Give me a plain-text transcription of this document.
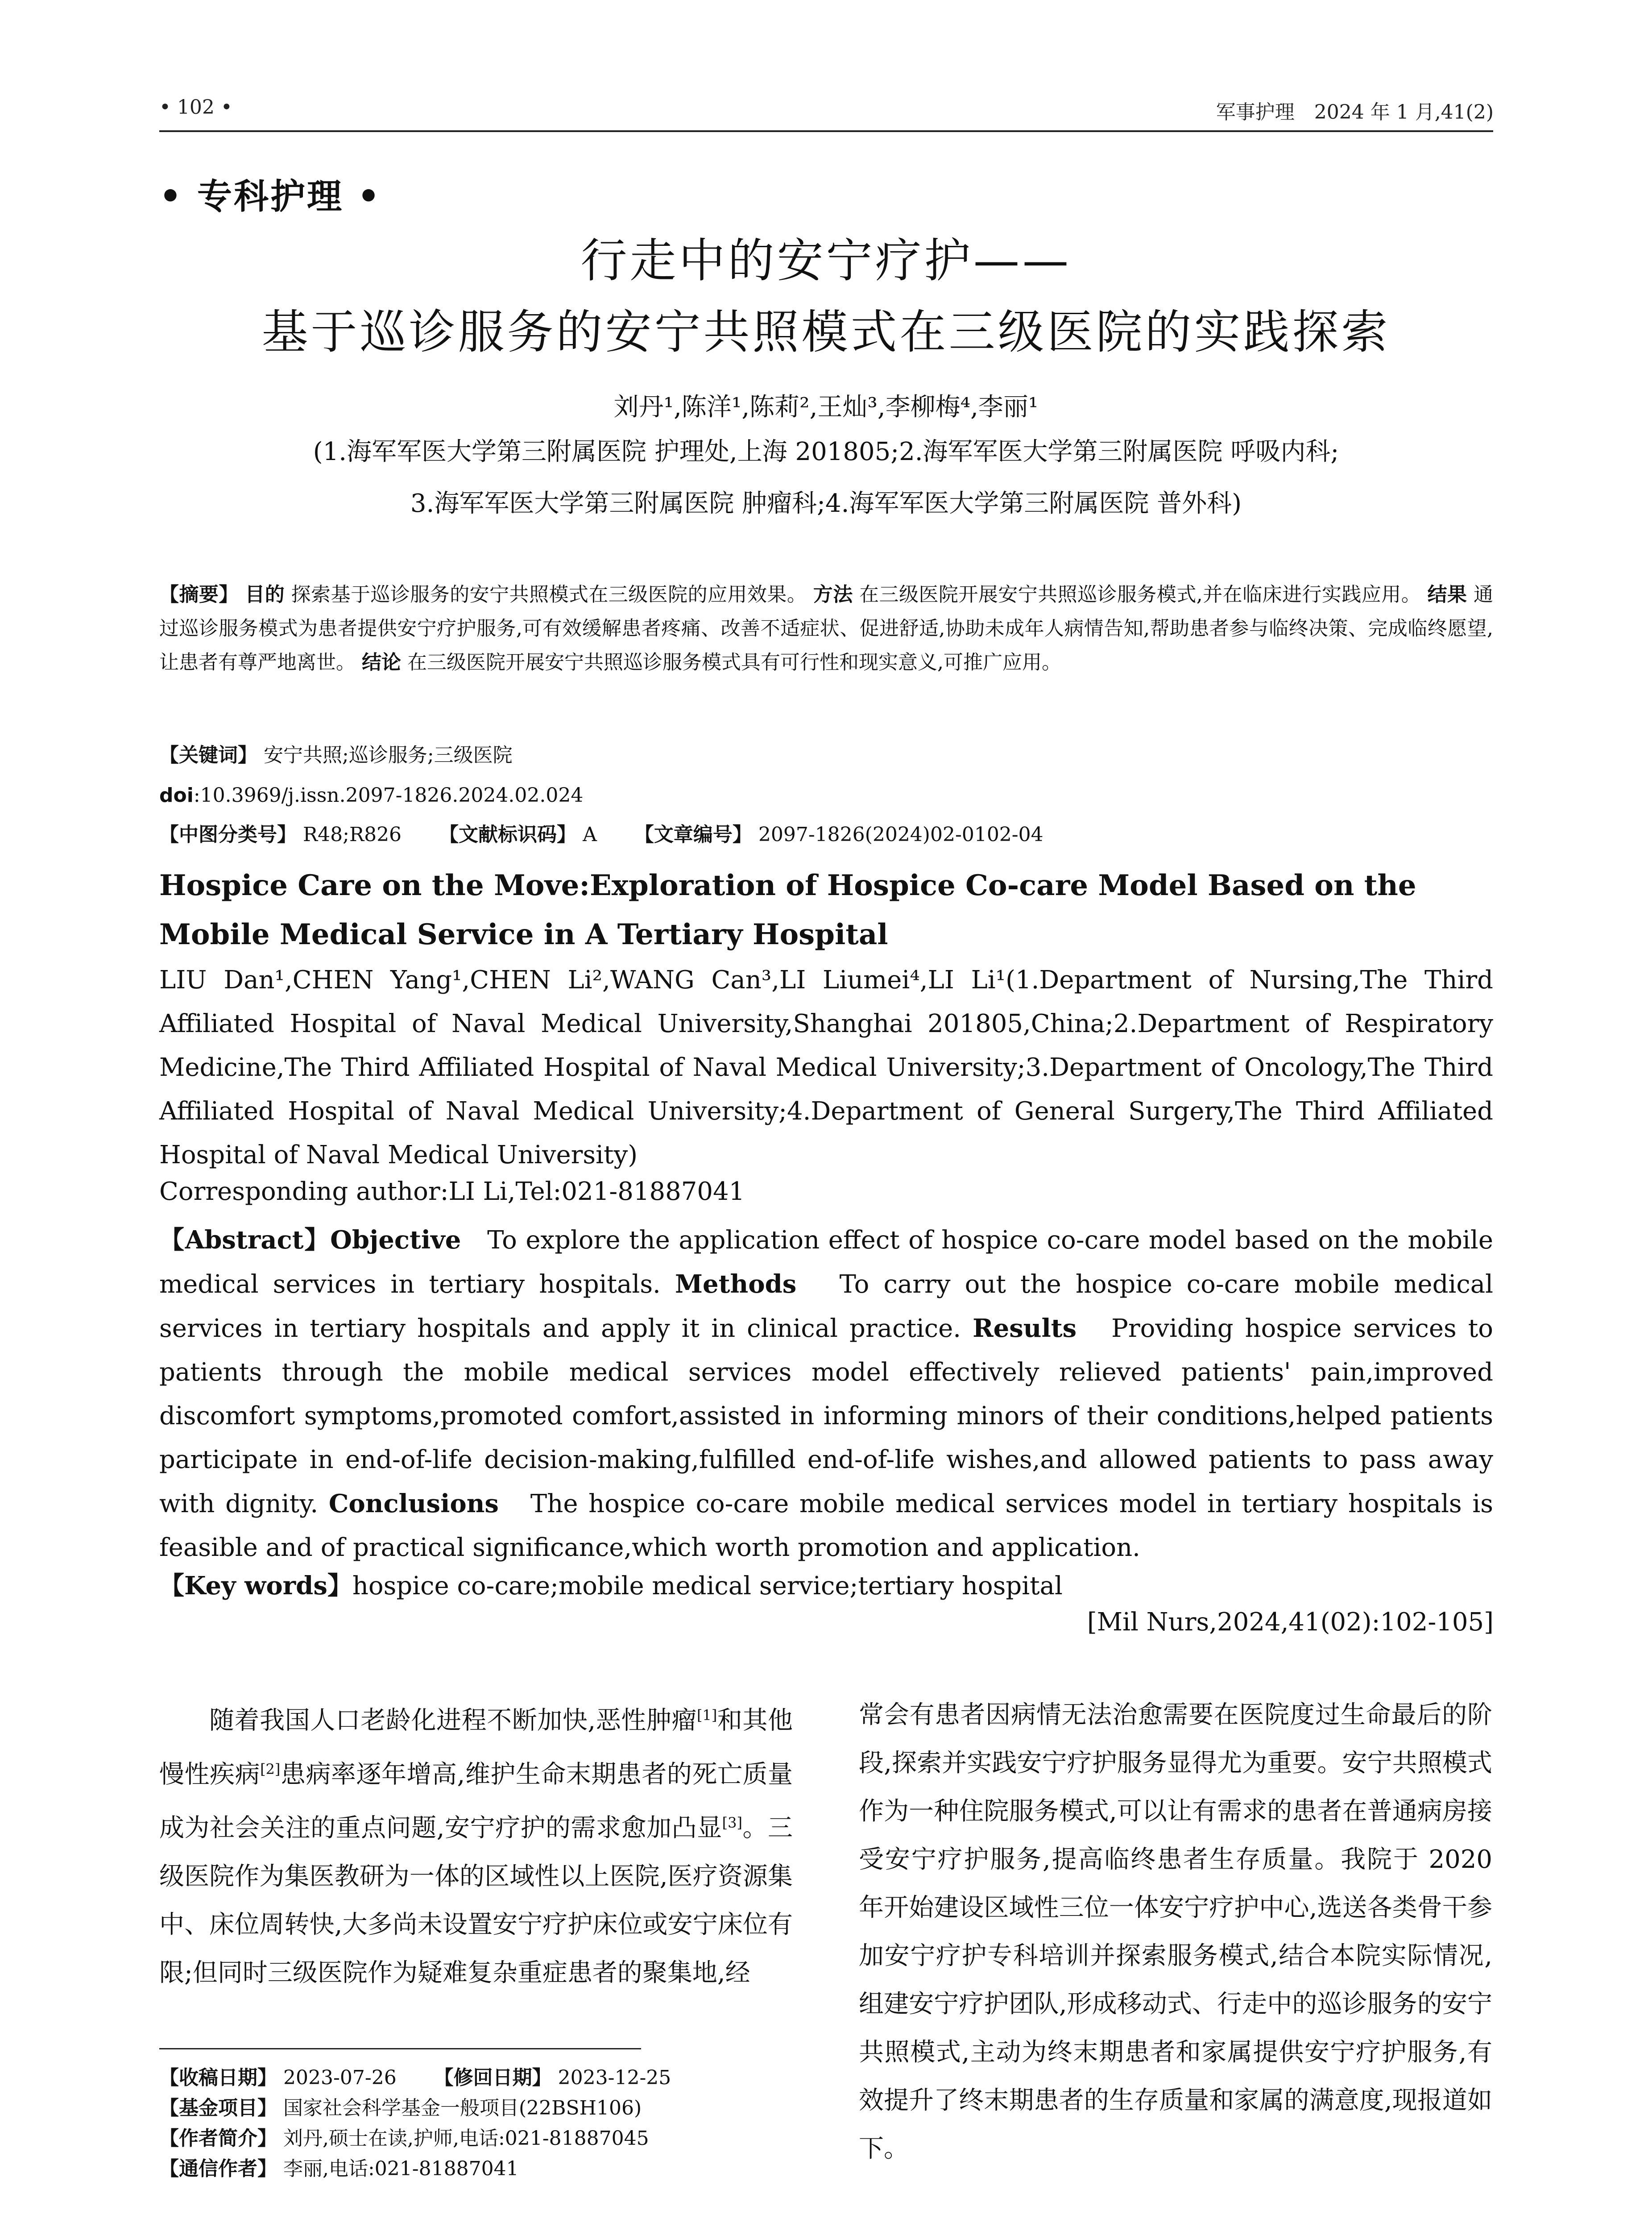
• 102 •	军事护理　2024 年 1 月,41(2)
• 专科护理 •
行走中的安宁疗护——
基于巡诊服务的安宁共照模式在三级医院的实践探索
刘丹¹,陈洋¹,陈莉²,王灿³,李柳梅⁴,李丽¹
(1.海军军医大学第三附属医院 护理处,上海 201805;2.海军军医大学第三附属医院 呼吸内科;
3.海军军医大学第三附属医院 肿瘤科;4.海军军医大学第三附属医院 普外科)
【摘要】 目的 探索基于巡诊服务的安宁共照模式在三级医院的应用效果。 方法 在三级医院开展安宁共照巡诊服务模式,并在临床进行实践应用。 结果 通过巡诊服务模式为患者提供安宁疗护服务,可有效缓解患者疼痛、改善不适症状、促进舒适,协助未成年人病情告知,帮助患者参与临终决策、完成临终愿望,让患者有尊严地离世。 结论 在三级医院开展安宁共照巡诊服务模式具有可行性和现实意义,可推广应用。
【关键词】 安宁共照;巡诊服务;三级医院
doi:10.3969/j.issn.2097-1826.2024.02.024
【中图分类号】 R48;R826 【文献标识码】 A 【文章编号】 2097-1826(2024)02-0102-04
Hospice Care on the Move:Exploration of Hospice Co-care Model Based on the Mobile Medical Service in A Tertiary Hospital
LIU Dan¹,CHEN Yang¹,CHEN Li²,WANG Can³,LI Liumei⁴,LI Li¹(1.Department of Nursing,The Third Affiliated Hospital of Naval Medical University,Shanghai 201805,China;2.Department of Respiratory Medicine,The Third Affiliated Hospital of Naval Medical University;3.Department of Oncology,The Third Affiliated Hospital of Naval Medical University;4.Department of General Surgery,The Third Affiliated Hospital of Naval Medical University)
Corresponding author:LI Li,Tel:021-81887041
【Abstract】Objective To explore the application effect of hospice co-care model based on the mobile medical services in tertiary hospitals. Methods To carry out the hospice co-care mobile medical services in tertiary hospitals and apply it in clinical practice. Results Providing hospice services to patients through the mobile medical services model effectively relieved patients' pain,improved discomfort symptoms,promoted comfort,assisted in informing minors of their conditions,helped patients participate in end-of-life decision-making,fulfilled end-of-life wishes,and allowed patients to pass away with dignity. Conclusions The hospice co-care mobile medical services model in tertiary hospitals is feasible and of practical significance,which worth promotion and application.
【Key words】hospice co-care;mobile medical service;tertiary hospital
[Mil Nurs,2024,41(02):102-105]
随着我国人口老龄化进程不断加快,恶性肿瘤[1]和其他慢性疾病[2]患病率逐年增高,维护生命末期患者的死亡质量成为社会关注的重点问题,安宁疗护的需求愈加凸显[3]。三级医院作为集医教研为一体的区域性以上医院,医疗资源集中、床位周转快,大多尚未设置安宁疗护床位或安宁床位有限;但同时三级医院作为疑难复杂重症患者的聚集地,经
常会有患者因病情无法治愈需要在医院度过生命最后的阶段,探索并实践安宁疗护服务显得尤为重要。安宁共照模式作为一种住院服务模式,可以让有需求的患者在普通病房接受安宁疗护服务,提高临终患者生存质量。我院于 2020 年开始建设区域性三位一体安宁疗护中心,选送各类骨干参加安宁疗护专科培训并探索服务模式,结合本院实际情况,组建安宁疗护团队,形成移动式、行走中的巡诊服务的安宁共照模式,主动为终末期患者和家属提供安宁疗护服务,有效提升了终末期患者的生存质量和家属的满意度,现报道如下。
【收稿日期】 2023-07-26 【修回日期】 2023-12-25
【基金项目】 国家社会科学基金一般项目(22BSH106)
【作者简介】 刘丹,硕士在读,护师,电话:021-81887045
【通信作者】 李丽,电话:021-81887041
